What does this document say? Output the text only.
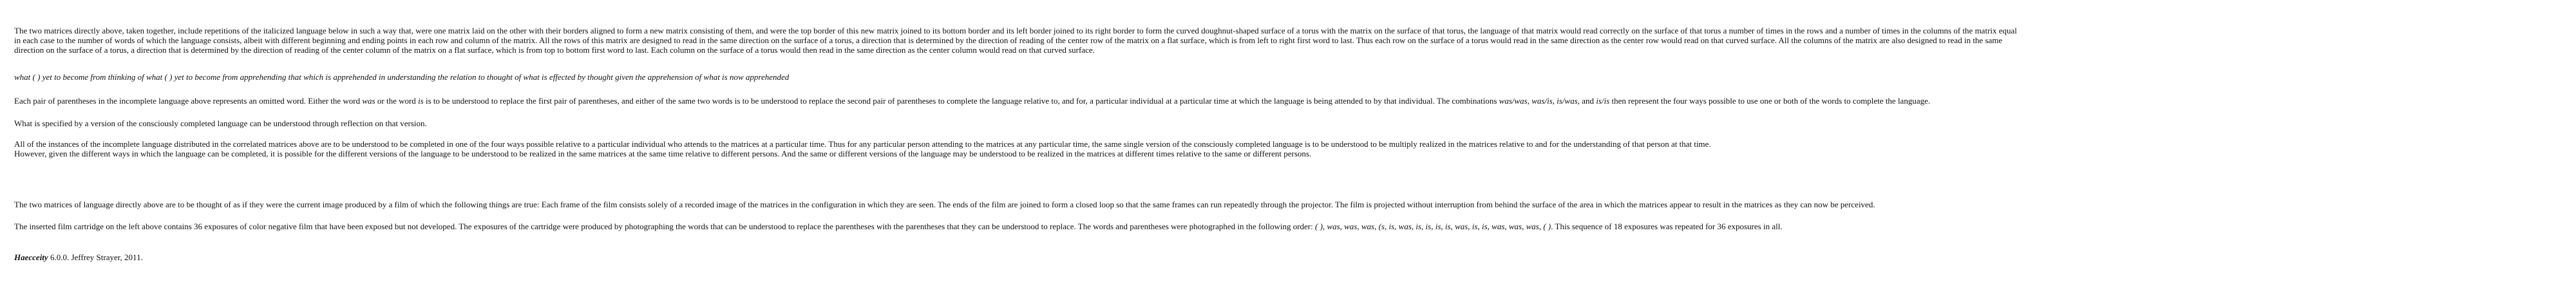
The two matrices directly above, taken together, include repetitions of the italicized language below in such a way that, were one matrix laid on the other with their borders aligned to form a new matrix consisting of them, and were the top border of this new matrix joined to its bottom border and its left border joined to its right border to form the curved doughnut-shaped surface of a torus with the matrix on the surface of that torus, the language of that matrix would read correctly on the surface of that torus a number of times in the rows and a number of times in the columns of the matrix equal
in each case to the number of words of which the language consists, albeit with different beginning and ending points in each row and column of the matrix. All the rows of this matrix are designed to read in the same direction on the surface of a torus, a direction that is determined by the direction of reading of the center row of the matrix on a flat surface, which is from left to right first word to last. Thus each row on the surface of a torus would read in the same direction as the center row would read on that curved surface. All the columns of the matrix are also designed to read in the same
direction on the surface of a torus, a direction that is determined by the direction of reading of the center column of the matrix on a flat surface, which is from top to bottom first word to last. Each column on the surface of a torus would then read in the same direction as the center column would read on that curved surface.
what ( ) yet to become from thinking of what ( ) yet to become from apprehending that which is apprehended in understanding the relation to thought of what is effected by thought given the apprehension of what is now apprehended
Each pair of parentheses in the incomplete language above represents an omitted word. Either the word was or the word is is to be understood to replace the first pair of parentheses, and either of the same two words is to be understood to replace the second pair of parentheses to complete the language relative to, and for, a particular individual at a particular time at which the language is being attended to by that individual. The combinations was/was, was/is, is/was, and is/is then represent the four ways possible to use one or both of the words to complete the language.
What is specified by a version of the consciously completed language can be understood through reflection on that version.
All of the instances of the incomplete language distributed in the correlated matrices above are to be understood to be completed in one of the four ways possible relative to a particular individual who attends to the matrices at a particular time. Thus for any particular person attending to the matrices at any particular time, the same single version of the consciously completed language is to be understood to be multiply realized in the matrices relative to and for the understanding of that person at that time.
However, given the different ways in which the language can be completed, it is possible for the different versions of the language to be understood to be realized in the same matrices at the same time relative to different persons. And the same or different versions of the language may be understood to be realized in the matrices at different times relative to the same or different persons.
The two matrices of language directly above are to be thought of as if they were the current image produced by a film of which the following things are true: Each frame of the film consists solely of a recorded image of the matrices in the configuration in which they are seen. The ends of the film are joined to form a closed loop so that the same frames can run repeatedly through the projector. The film is projected without interruption from behind the surface of the area in which the matrices appear to result in the matrices as they can now be perceived.
The inserted film cartridge on the left above contains 36 exposures of color negative film that have been exposed but not developed. The exposures of the cartridge were produced by photographing the words that can be understood to replace the parentheses with the parentheses that they can be understood to replace. The words and parentheses were photographed in the following order: ( ), was, was, was, (s, is, was, is, is, is, is, was, is, is, was, was, was, ( ). This sequence of 18 exposures was repeated for 36 exposures in all.
Haecceity 6.0.0. Jeffrey Strayer, 2011.
